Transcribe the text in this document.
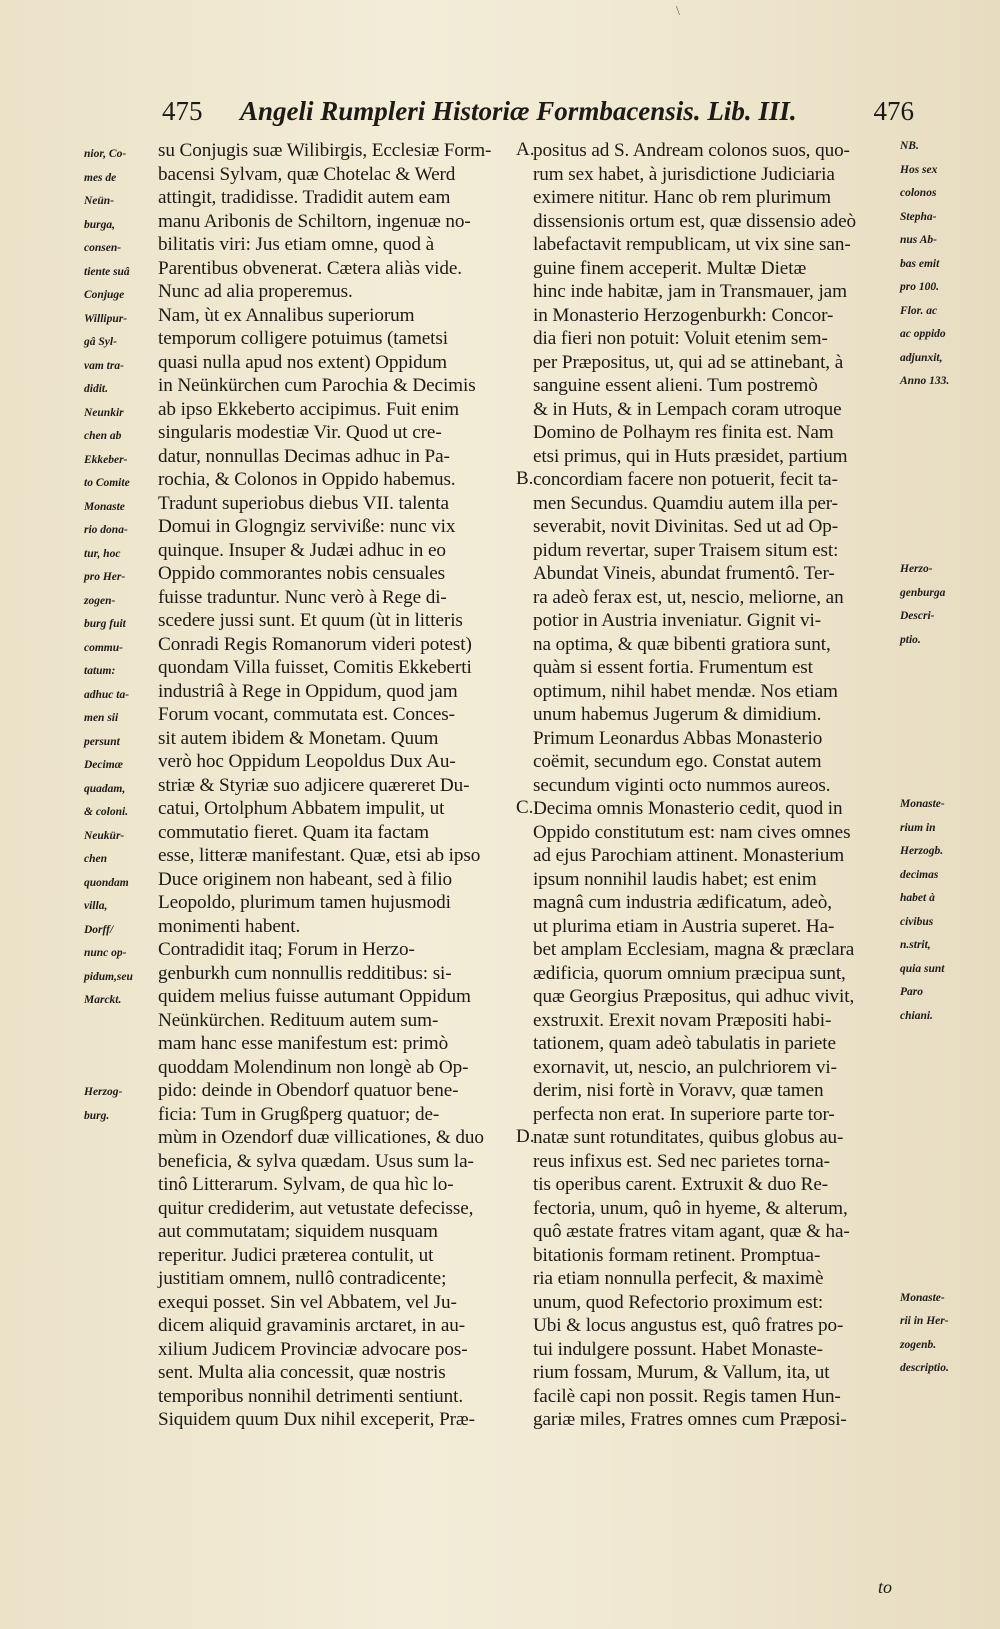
\
475 Angeli Rumpleri Historiæ Formbacensis. Lib. III.	476
nior, Co-
mes de
Neün-
burga,
consen-
tiente suâ
Conjuge
Willipur-
gâ Syl-
vam tra-
didit.
Neunkir
chen ab
Ekkeber-
to Comite
Monaste
rio dona-
tur, hoc
pro Her-
zogen-
burg fuit
commu-
tatum:
adhuc ta-
men sii
persunt
Decimæ
quadam,
& coloni.
Neukür-
chen
quondam
villa,
Dorff/
nunc op-
pidum,seu
Marckt.
Herzog-
burg.
NB.
Hos sex
colonos
Stepha-
nus Ab-
bas emit
pro 100.
Flor. ac
ac oppido
adjunxit,
Anno 133.

Herzo-
genburga
Descri-
ptio.

Monaste-
rium in
Herzogb.
decimas
habet à
civibus
n.strit,
quia sunt
Paro
chiani.

Monaste-
rii in Her-
zogenb.
descriptio.
su Conjugis suæ Wilibirgis, Ecclesiæ Form-
bacensi Sylvam, quæ Chotelac & Werd
attingit, tradidisse. Tradidit autem eam
manu Aribonis de Schiltorn, ingenuæ no-
bilitatis viri: Jus etiam omne, quod à
Parentibus obvenerat. Cætera aliàs vide.
Nunc ad alia properemus.
Nam, ùt ex Annalibus superiorum
temporum colligere potuimus (tametsi
quasi nulla apud nos extent) Oppidum
in Neünkürchen cum Parochia & Decimis
ab ipso Ekkeberto accipimus. Fuit enim
singularis modestiæ Vir. Quod ut cre-
datur, nonnullas Decimas adhuc in Pa-
rochia, & Colonos in Oppido habemus.
Tradunt superiobus diebus VII. talenta
Domui in Glogngiz serviviße: nunc vix
quinque. Insuper & Judæi adhuc in eo
Oppido commorantes nobis censuales
fuisse traduntur. Nunc verò à Rege di-
scedere jussi sunt. Et quum (ùt in litteris
Conradi Regis Romanorum videri potest)
quondam Villa fuisset, Comitis Ekkeberti
industriâ à Rege in Oppidum, quod jam
Forum vocant, commutata est. Conces-
sit autem ibidem & Monetam. Quum
verò hoc Oppidum Leopoldus Dux Au-
striæ & Styriæ suo adjicere quæreret Du-
catui, Ortolphum Abbatem impulit, ut
commutatio fieret. Quam ita factam
esse, litteræ manifestant. Quæ, etsi ab ipso
Duce originem non habeant, sed à filio
Leopoldo, plurimum tamen hujusmodi
monimenti habent.
Contradidit itaq; Forum in Herzo-
genburkh cum nonnullis redditibus: si-
quidem melius fuisse autumant Oppidum
Neünkürchen. Redituum autem sum-
mam hanc esse manifestum est: primò
quoddam Molendinum non longè ab Op-
pido: deinde in Obendorf quatuor bene-
ficia: Tum in Grugßperg quatuor; de-
mùm in Ozendorf duæ villicationes, & duo
beneficia, & sylva quædam. Usus sum la-
tinô Litterarum. Sylvam, de qua hìc lo-
quitur crediderim, aut vetustate defecisse,
aut commutatam; siquidem nusquam
reperitur. Judici præterea contulit, ut
justitiam omnem, nullô contradicente;
exequi posset. Sin vel Abbatem, vel Ju-
dicem aliquid gravaminis arctaret, in au-
xilium Judicem Provinciæ advocare pos-
sent. Multa alia concessit, quæ nostris
temporibus nonnihil detrimenti sentiunt.
Siquidem quum Dux nihil exceperit, Præ-
positus ad S. Andream colonos suos, quo-
rum sex habet, à jurisdictione Judiciaria
eximere nititur. Hanc ob rem plurimum
dissensionis ortum est, quæ dissensio adeò
labefactavit rempublicam, ut vix sine san-
guine finem acceperit. Multæ Dietæ
hinc inde habitæ, jam in Transmauer, jam
in Monasterio Herzogenburkh: Concor-
dia fieri non potuit: Voluit etenim sem-
per Præpositus, ut, qui ad se attinebant, à
sanguine essent alieni. Tum postremò
& in Huts, & in Lempach coram utroque
Domino de Polhaym res finita est. Nam
etsi primus, qui in Huts præsidet, partium
concordiam facere non potuerit, fecit ta-
men Secundus. Quamdiu autem illa per-
severabit, novit Divinitas. Sed ut ad Op-
pidum revertar, super Traisem situm est:
Abundat Vineis, abundat frumentô. Ter-
ra adeò ferax est, ut, nescio, meliorne, an
potior in Austria inveniatur. Gignit vi-
na optima, & quæ bibenti gratiora sunt,
quàm si essent fortia. Frumentum est
optimum, nihil habet mendæ. Nos etiam
unum habemus Jugerum & dimidium.
Primum Leonardus Abbas Monasterio
coëmit, secundum ego. Constat autem
secundum viginti octo nummos aureos.
Decima omnis Monasterio cedit, quod in
Oppido constitutum est: nam cives omnes
ad ejus Parochiam attinent. Monasterium
ipsum nonnihil laudis habet; est enim
magnâ cum industria ædificatum, adeò,
ut plurima etiam in Austria superet. Ha-
bet amplam Ecclesiam, magna & præclara
ædificia, quorum omnium præcipua sunt,
quæ Georgius Præpositus, qui adhuc vivit,
exstruxit. Erexit novam Præpositi habi-
tationem, quam adeò tabulatis in pariete
exornavit, ut, nescio, an pulchriorem vi-
derim, nisi fortè in Voravv, quæ tamen
perfecta non erat. In superiore parte tor-
natæ sunt rotunditates, quibus globus au-
reus infixus est. Sed nec parietes torna-
tis operibus carent. Extruxit & duo Re-
fectoria, unum, quô in hyeme, & alterum,
quô æstate fratres vitam agant, quæ & ha-
bitationis formam retinent. Promptua-
ria etiam nonnulla perfecit, & maximè
unum, quod Refectorio proximum est:
Ubi & locus angustus est, quô fratres po-
tui indulgere possunt. Habet Monaste-
rium fossam, Murum, & Vallum, ita, ut
facilè capi non possit. Regis tamen Hun-
gariæ miles, Fratres omnes cum Præposi-
A.
B.
C.
D.
to
